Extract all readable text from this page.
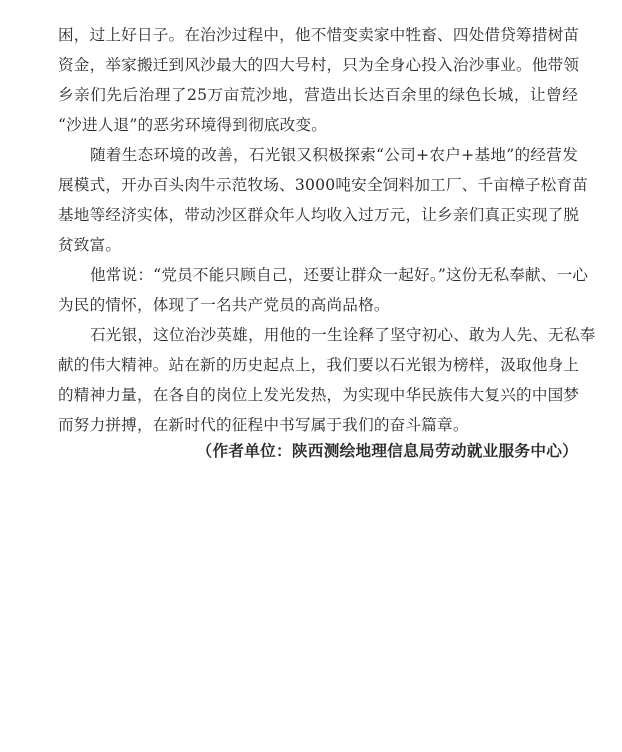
困，过上好日子。在治沙过程中，他不惜变卖家中牲畜、四处借贷筹措树苗
资金，举家搬迁到风沙最大的四大号村，只为全身心投入治沙事业。他带领
乡亲们先后治理了25万亩荒沙地，营造出长达百余里的绿色长城，让曾经
“沙进人退”的恶劣环境得到彻底改变。
随着生态环境的改善，石光银又积极探索“公司+农户+基地”的经营发
展模式，开办百头肉牛示范牧场、3000吨安全饲料加工厂、千亩樟子松育苗
基地等经济实体，带动沙区群众年人均收入过万元，让乡亲们真正实现了脱
贫致富。
他常说：“党员不能只顾自己，还要让群众一起好。”这份无私奉献、一心
为民的情怀，体现了一名共产党员的高尚品格。
石光银，这位治沙英雄，用他的一生诠释了坚守初心、敢为人先、无私奉
献的伟大精神。站在新的历史起点上，我们要以石光银为榜样，汲取他身上
的精神力量，在各自的岗位上发光发热，为实现中华民族伟大复兴的中国梦
而努力拼搏，在新时代的征程中书写属于我们的奋斗篇章。
（作者单位：陕西测绘地理信息局劳动就业服务中心）
